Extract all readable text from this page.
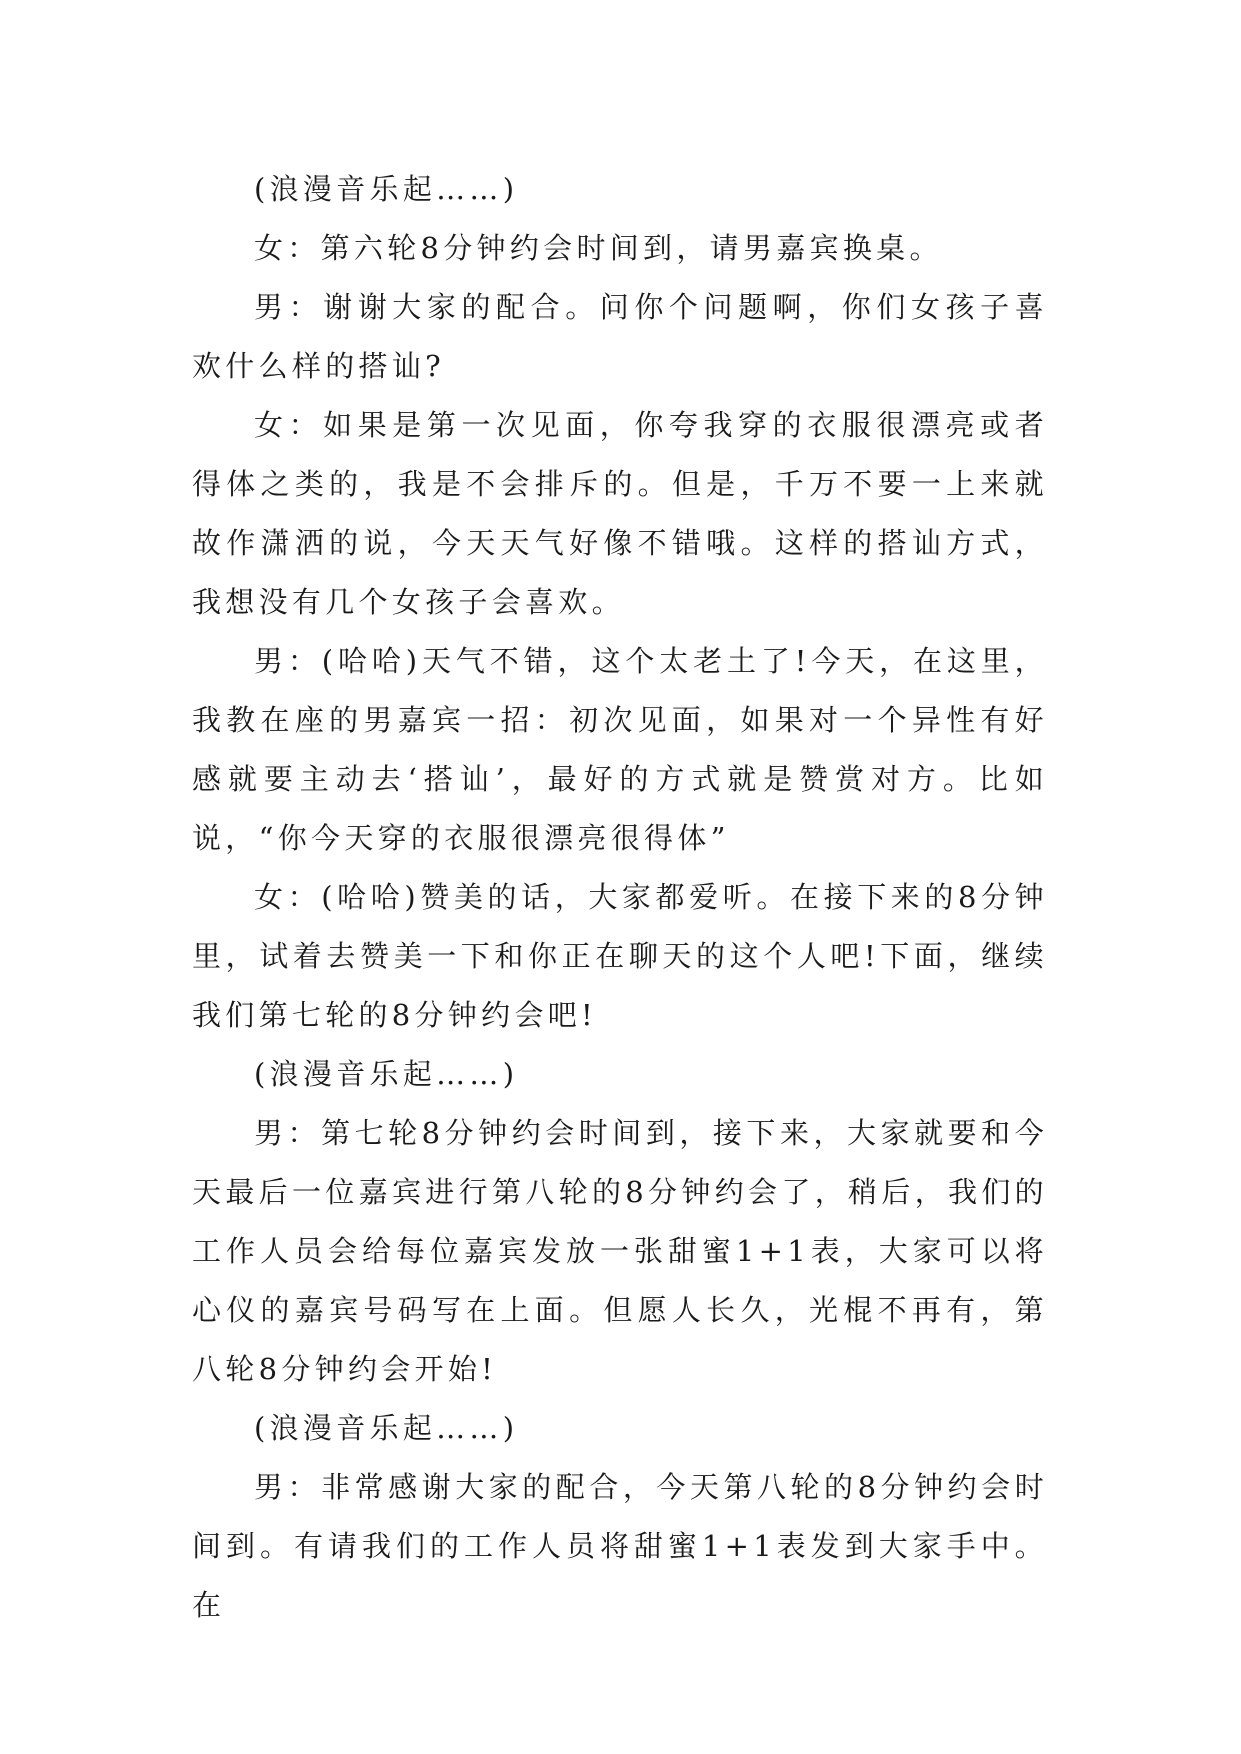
(浪漫音乐起……)

女：第六轮8分钟约会时间到，请男嘉宾换桌。

男：谢谢大家的配合。问你个问题啊，你们女孩子喜欢什么样的搭讪?

女：如果是第一次见面，你夸我穿的衣服很漂亮或者得体之类的，我是不会排斥的。但是，千万不要一上来就故作潇洒的说，今天天气好像不错哦。这样的搭讪方式，我想没有几个女孩子会喜欢。

男：(哈哈)天气不错，这个太老土了!今天，在这里，我教在座的男嘉宾一招：初次见面，如果对一个异性有好感就要主动去‘搭讪’，最好的方式就是赞赏对方。比如说，“你今天穿的衣服很漂亮很得体”

女：(哈哈)赞美的话，大家都爱听。在接下来的8分钟里，试着去赞美一下和你正在聊天的这个人吧!下面，继续我们第七轮的8分钟约会吧!

(浪漫音乐起……)

男：第七轮8分钟约会时间到，接下来，大家就要和今天最后一位嘉宾进行第八轮的8分钟约会了，稍后，我们的工作人员会给每位嘉宾发放一张甜蜜1+1表，大家可以将心仪的嘉宾号码写在上面。但愿人长久，光棍不再有，第八轮8分钟约会开始!

(浪漫音乐起……)

男：非常感谢大家的配合，今天第八轮的8分钟约会时间到。有请我们的工作人员将甜蜜1+1表发到大家手中。在
